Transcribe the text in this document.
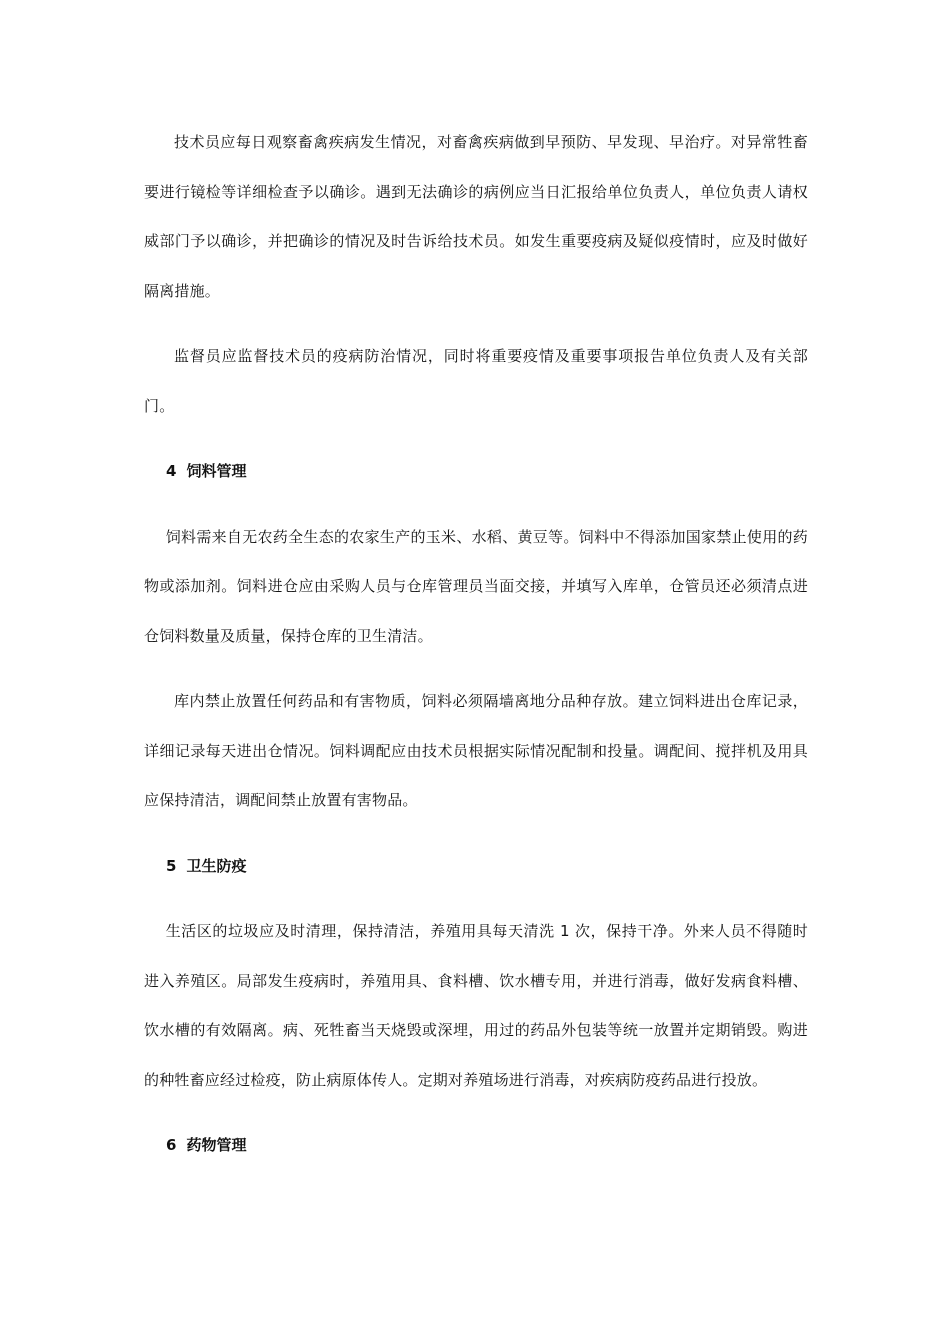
技术员应每日观察畜禽疾病发生情况，对畜禽疾病做到早预防、早发现、早治疗。对异常牲畜要进行镜检等详细检查予以确诊。遇到无法确诊的病例应当日汇报给单位负责人，单位负责人请权威部门予以确诊，并把确诊的情况及时告诉给技术员。如发生重要疫病及疑似疫情时，应及时做好隔离措施。

监督员应监督技术员的疫病防治情况，同时将重要疫情及重要事项报告单位负责人及有关部门。

4 饲料管理

饲料需来自无农药全生态的农家生产的玉米、水稻、黄豆等。饲料中不得添加国家禁止使用的药物或添加剂。饲料进仓应由采购人员与仓库管理员当面交接，并填写入库单，仓管员还必须清点进仓饲料数量及质量，保持仓库的卫生清洁。

库内禁止放置任何药品和有害物质，饲料必须隔墙离地分品种存放。建立饲料进出仓库记录，详细记录每天进出仓情况。饲料调配应由技术员根据实际情况配制和投量。调配间、搅拌机及用具应保持清洁，调配间禁止放置有害物品。

5 卫生防疫

生活区的垃圾应及时清理，保持清洁，养殖用具每天清洗 1 次，保持干净。外来人员不得随时进入养殖区。局部发生疫病时，养殖用具、食料槽、饮水槽专用，并进行消毒，做好发病食料槽、饮水槽的有效隔离。病、死牲畜当天烧毁或深埋，用过的药品外包装等统一放置并定期销毁。购进的种牲畜应经过检疫，防止病原体传人。定期对养殖场进行消毒，对疾病防疫药品进行投放。

6 药物管理
